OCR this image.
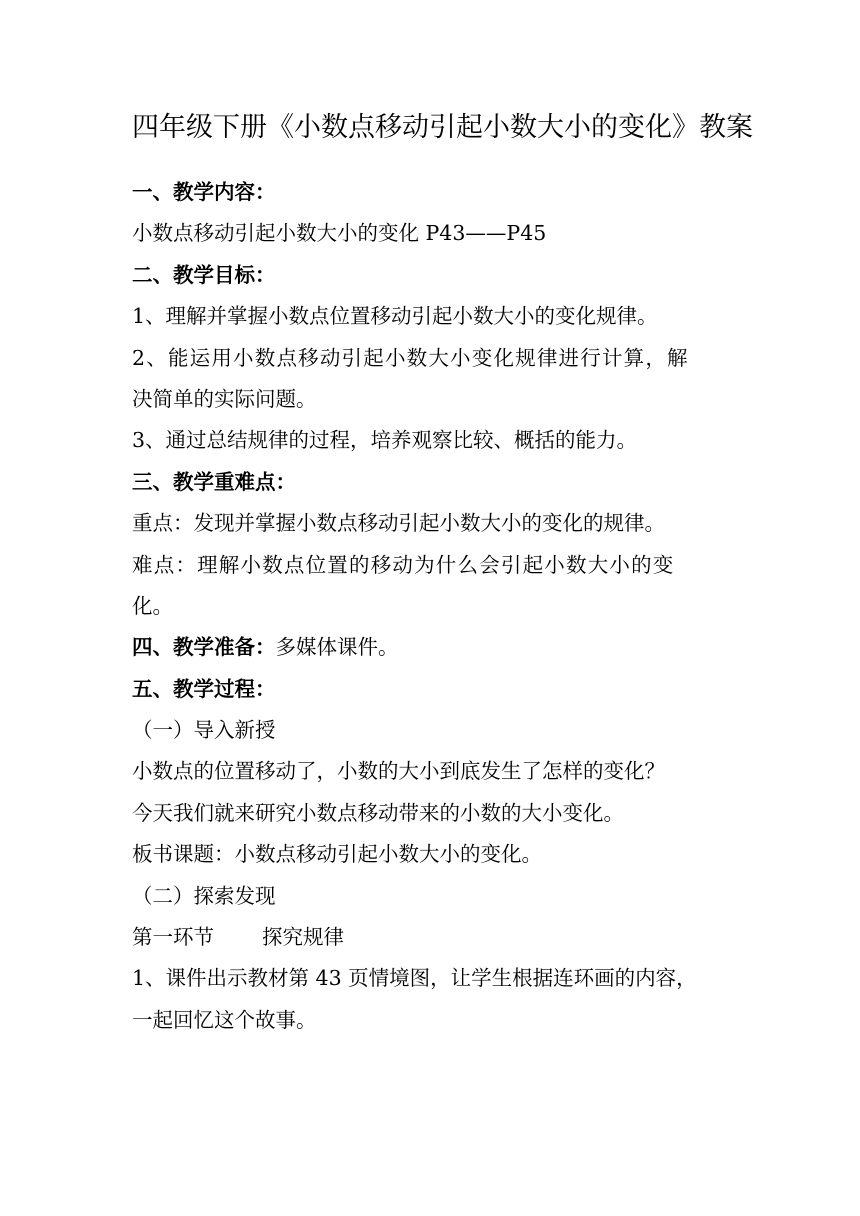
四年级下册《小数点移动引起小数大小的变化》教案
一、教学内容：
小数点移动引起小数大小的变化 P43——P45
二、教学目标：
1、理解并掌握小数点位置移动引起小数大小的变化规律。
2、能运用小数点移动引起小数大小变化规律进行计算，解
决简单的实际问题。
3、通过总结规律的过程，培养观察比较、概括的能力。
三、教学重难点：
重点：发现并掌握小数点移动引起小数大小的变化的规律。
难点：理解小数点位置的移动为什么会引起小数大小的变
化。
四、教学准备：多媒体课件。
五、教学过程：
（一）导入新授
小数点的位置移动了，小数的大小到底发生了怎样的变化？
今天我们就来研究小数点移动带来的小数的大小变化。
板书课题：小数点移动引起小数大小的变化。
（二）探索发现
第一环节 探究规律
1、课件出示教材第 43 页情境图，让学生根据连环画的内容，
一起回忆这个故事。
